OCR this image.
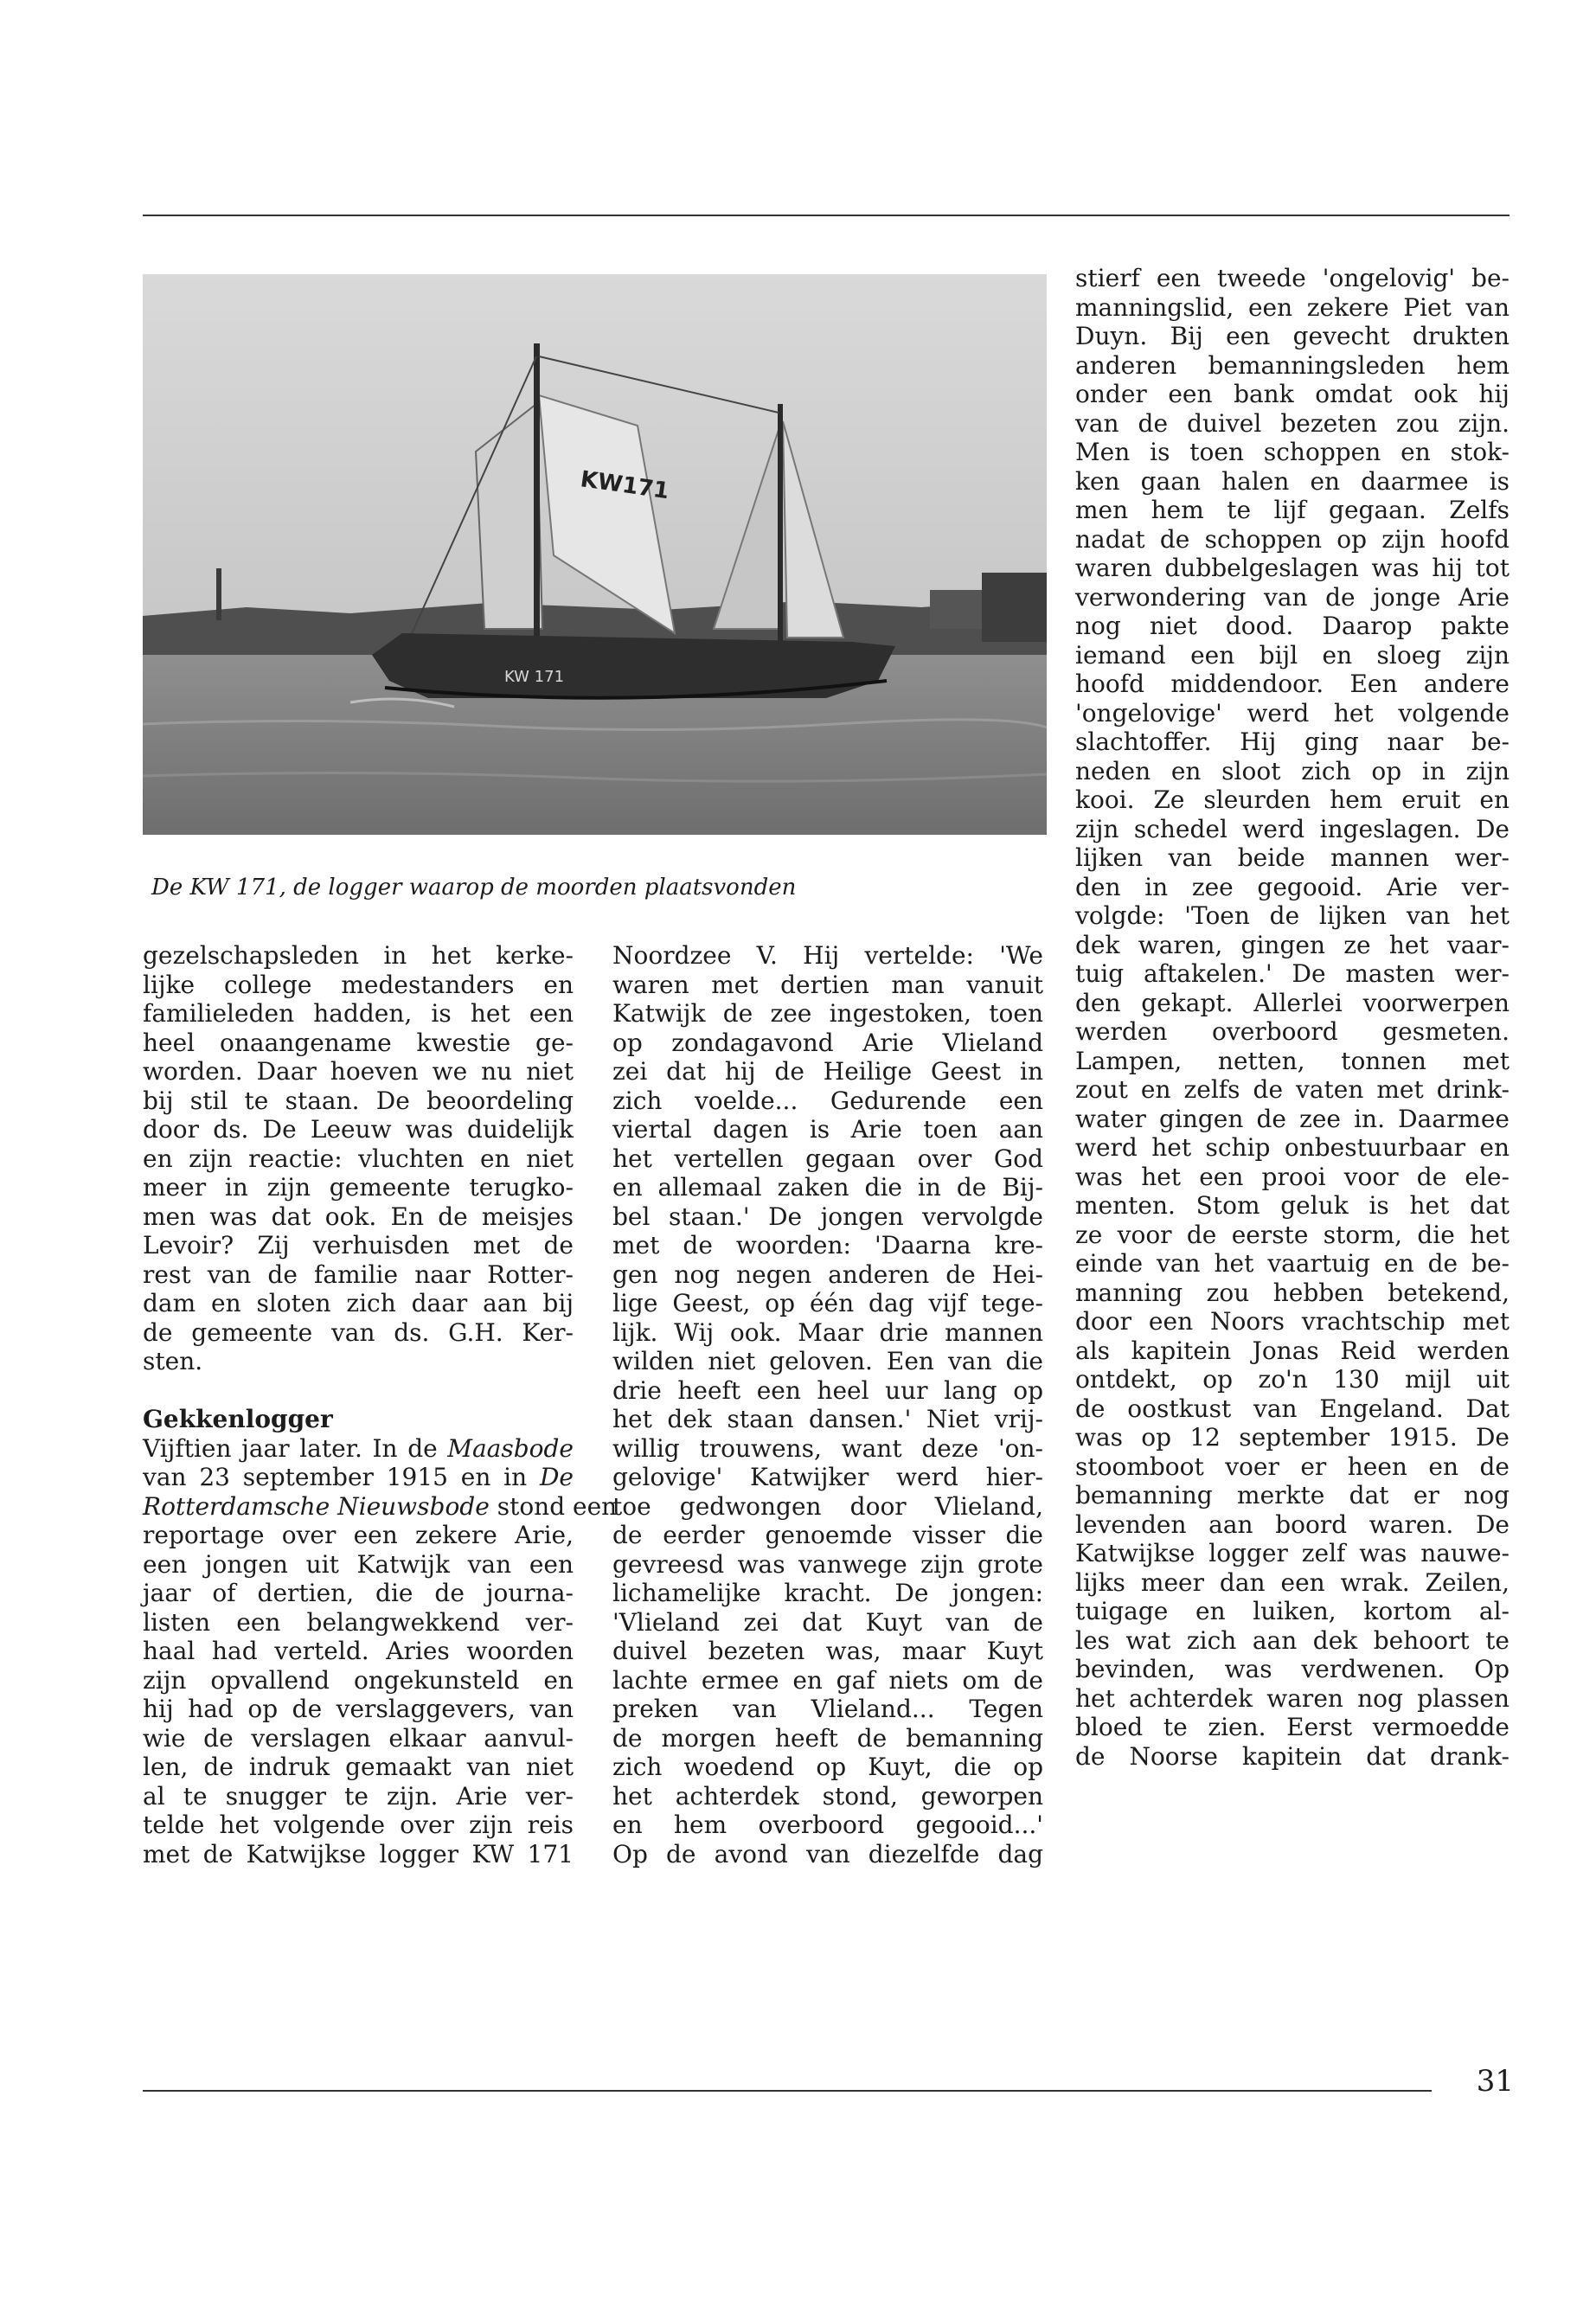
KW171
KW 171
De KW 171, de logger waarop de moorden plaatsvonden

gezelschapsleden in het kerke-
lijke college medestanders en
familieleden hadden, is het een
heel onaangename kwestie ge-
worden. Daar hoeven we nu niet
bij stil te staan. De beoordeling
door ds. De Leeuw was duidelijk
en zijn reactie: vluchten en niet
meer in zijn gemeente terugko-
men was dat ook. En de meisjes
Levoir? Zij verhuisden met de
rest van de familie naar Rotter-
dam en sloten zich daar aan bij
de gemeente van ds. G.H. Ker-
sten.

Gekkenlogger

Vijftien jaar later. In de Maasbode
van 23 september 1915 en in De
Rotterdamsche Nieuwsbode stond een
reportage over een zekere Arie,
een jongen uit Katwijk van een
jaar of dertien, die de journa-
listen een belangwekkend ver-
haal had verteld. Aries woorden
zijn opvallend ongekunsteld en
hij had op de verslaggevers, van
wie de verslagen elkaar aanvul-
len, de indruk gemaakt van niet
al te snugger te zijn. Arie ver-
telde het volgende over zijn reis
met de Katwijkse logger KW 171

Noordzee V. Hij vertelde: 'We
waren met dertien man vanuit
Katwijk de zee ingestoken, toen
op zondagavond Arie Vlieland
zei dat hij de Heilige Geest in
zich voelde... Gedurende een
viertal dagen is Arie toen aan
het vertellen gegaan over God
en allemaal zaken die in de Bij-
bel staan.' De jongen vervolgde
met de woorden: 'Daarna kre-
gen nog negen anderen de Hei-
lige Geest, op één dag vijf tege-
lijk. Wij ook. Maar drie mannen
wilden niet geloven. Een van die
drie heeft een heel uur lang op
het dek staan dansen.' Niet vrij-
willig trouwens, want deze 'on-
gelovige' Katwijker werd hier-
toe gedwongen door Vlieland,
de eerder genoemde visser die
gevreesd was vanwege zijn grote
lichamelijke kracht. De jongen:
'Vlieland zei dat Kuyt van de
duivel bezeten was, maar Kuyt
lachte ermee en gaf niets om de
preken van Vlieland... Tegen
de morgen heeft de bemanning
zich woedend op Kuyt, die op
het achterdek stond, geworpen
en hem overboord gegooid...'
Op de avond van diezelfde dag

stierf een tweede 'ongelovig' be-
manningslid, een zekere Piet van
Duyn. Bij een gevecht drukten
anderen bemanningsleden hem
onder een bank omdat ook hij
van de duivel bezeten zou zijn.
Men is toen schoppen en stok-
ken gaan halen en daarmee is
men hem te lijf gegaan. Zelfs
nadat de schoppen op zijn hoofd
waren dubbelgeslagen was hij tot
verwondering van de jonge Arie
nog niet dood. Daarop pakte
iemand een bijl en sloeg zijn
hoofd middendoor. Een andere
'ongelovige' werd het volgende
slachtoffer. Hij ging naar be-
neden en sloot zich op in zijn
kooi. Ze sleurden hem eruit en
zijn schedel werd ingeslagen. De
lijken van beide mannen wer-
den in zee gegooid. Arie ver-
volgde: 'Toen de lijken van het
dek waren, gingen ze het vaar-
tuig aftakelen.' De masten wer-
den gekapt. Allerlei voorwerpen
werden overboord gesmeten.
Lampen, netten, tonnen met
zout en zelfs de vaten met drink-
water gingen de zee in. Daarmee
werd het schip onbestuurbaar en
was het een prooi voor de ele-
menten. Stom geluk is het dat
ze voor de eerste storm, die het
einde van het vaartuig en de be-
manning zou hebben betekend,
door een Noors vrachtschip met
als kapitein Jonas Reid werden
ontdekt, op zo'n 130 mijl uit
de oostkust van Engeland. Dat
was op 12 september 1915. De
stoomboot voer er heen en de
bemanning merkte dat er nog
levenden aan boord waren. De
Katwijkse logger zelf was nauwe-
lijks meer dan een wrak. Zeilen,
tuigage en luiken, kortom al-
les wat zich aan dek behoort te
bevinden, was verdwenen. Op
het achterdek waren nog plassen
bloed te zien. Eerst vermoedde
de Noorse kapitein dat drank-

31
